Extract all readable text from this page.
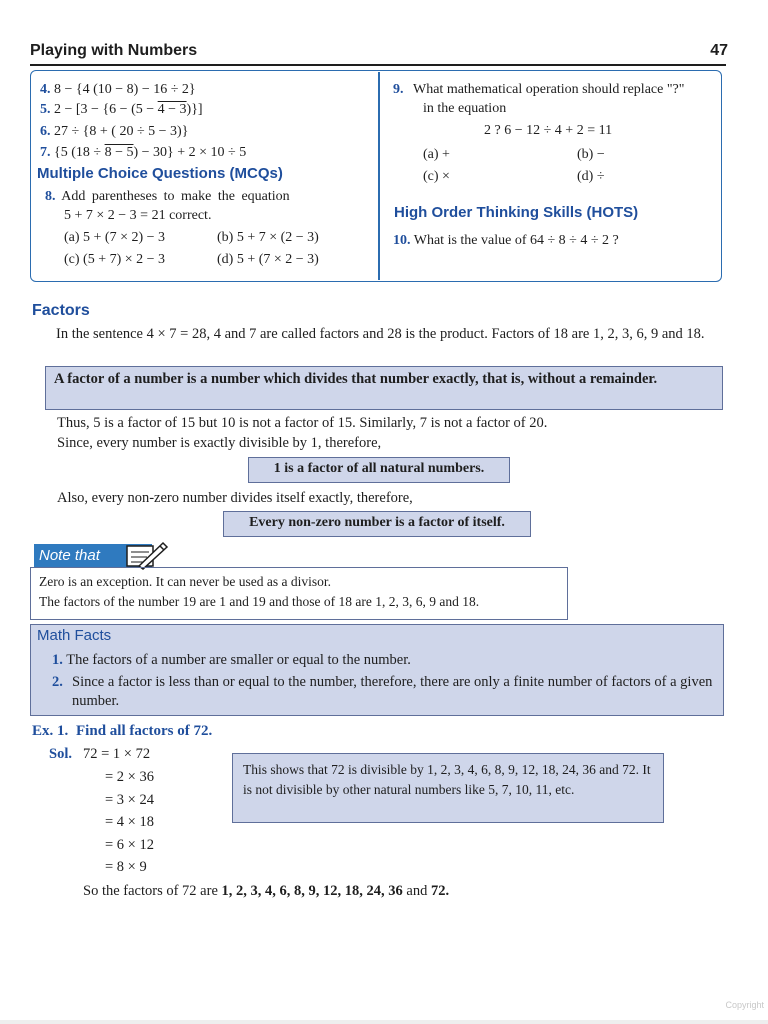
Playing with Numbers	47
4. 8 − {4 (10 − 8) − 16 ÷ 2}
5. 2 − [3 − {6 − (5 − 4 − 3)}]
6. 27 ÷ {8 + ( 20 ÷ 5 − 3)}
7. {5 (18 ÷ 8 − 5) − 30} + 2 × 10 ÷ 5
Multiple Choice Questions (MCQs)
8. Add parentheses to make the equation
5 + 7 × 2 − 3 = 21 correct.
(a) 5 + (7 × 2) − 3	(b) 5 + 7 × (2 − 3)
(c) (5 + 7) × 2 − 3	(d) 5 + (7 × 2 − 3)
9. What mathematical operation should replace "?"
in the equation
2 ? 6 − 12 ÷ 4 + 2 = 11
(a) +	(b) −
(c) ×	(d) ÷
High Order Thinking Skills (HOTS)
10. What is the value of 64 ÷ 8 ÷ 4 ÷ 2 ?
Factors
In the sentence 4 × 7 = 28, 4 and 7 are called factors and 28 is the product. Factors of 18 are 1, 2, 3, 6, 9 and 18.
A factor of a number is a number which divides that number exactly, that is, without a remainder.
Thus, 5 is a factor of 15 but 10 is not a factor of 15. Similarly, 7 is not a factor of 20.
Since, every number is exactly divisible by 1, therefore,
1 is a factor of all natural numbers.
Also, every non-zero number divides itself exactly, therefore,
Every non-zero number is a factor of itself.
Note that
Zero is an exception. It can never be used as a divisor.
The factors of the number 19 are 1 and 19 and those of 18 are 1, 2, 3, 6, 9 and 18.
Math Facts
1. The factors of a number are smaller or equal to the number.
2. Since a factor is less than or equal to the number, therefore, there are only a finite number of factors of a given number.
Ex. 1. Find all factors of 72.
Sol. 72 = 1 × 72
= 2 × 36
= 3 × 24
= 4 × 18
= 6 × 12
= 8 × 9
This shows that 72 is divisible by 1, 2, 3, 4, 6, 8, 9, 12, 18, 24, 36 and 72. It is not divisible by other natural numbers like 5, 7, 10, 11, etc.
So the factors of 72 are 1, 2, 3, 4, 6, 8, 9, 12, 18, 24, 36 and 72.
Copyright
